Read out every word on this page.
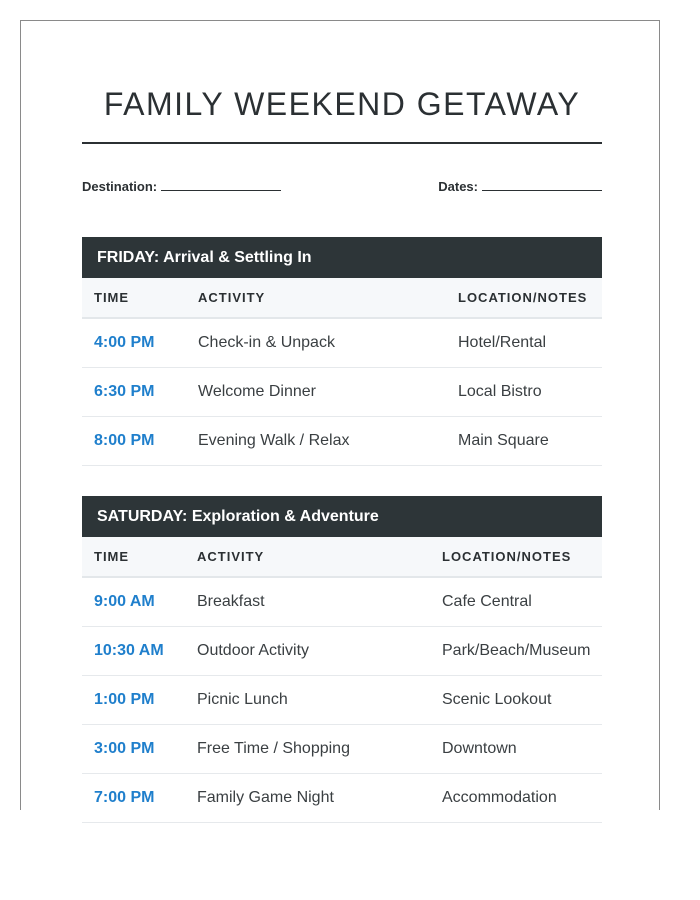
FAMILY WEEKEND GETAWAY
Destination:	Dates:
FRIDAY: Arrival & Settling In
TIME	ACTIVITY	LOCATION/NOTES
4:00 PM	Check-in & Unpack	Hotel/Rental
6:30 PM	Welcome Dinner	Local Bistro
8:00 PM	Evening Walk / Relax	Main Square
SATURDAY: Exploration & Adventure
TIME	ACTIVITY	LOCATION/NOTES
9:00 AM	Breakfast	Cafe Central
10:30 AM	Outdoor Activity	Park/Beach/Museum
1:00 PM	Picnic Lunch	Scenic Lookout
3:00 PM	Free Time / Shopping	Downtown
7:00 PM	Family Game Night	Accommodation
